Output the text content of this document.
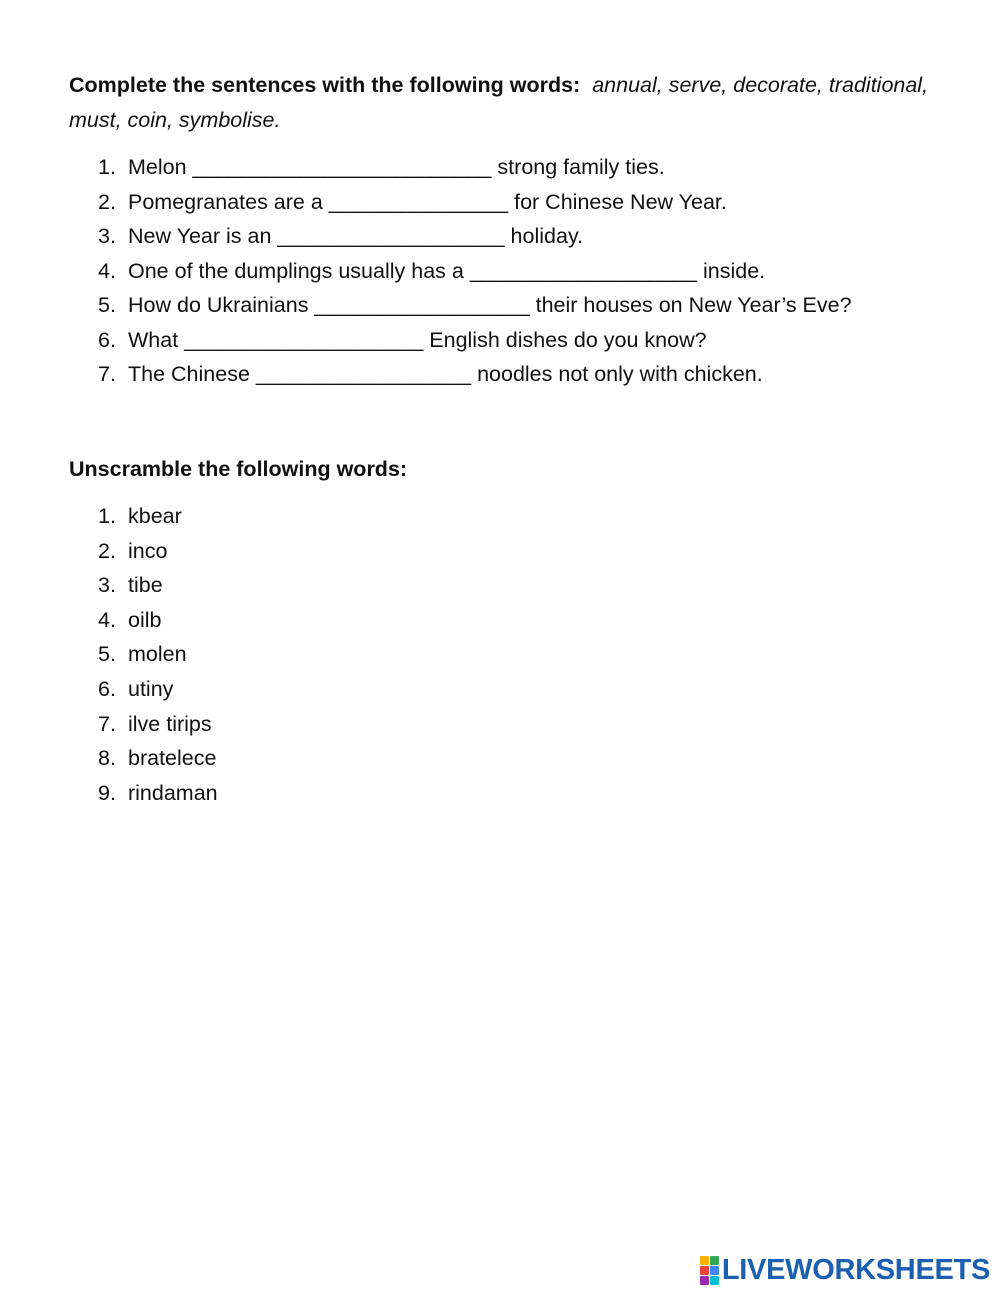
Complete the sentences with the following words: annual, serve, decorate, traditional, must, coin, symbolise.

1. Melon _________________________ strong family ties.
2. Pomegranates are a _______________ for Chinese New Year.
3. New Year is an ___________________ holiday.
4. One of the dumplings usually has a ___________________ inside.
5. How do Ukrainians __________________ their houses on New Year’s Eve?
6. What ____________________ English dishes do you know?
7. The Chinese __________________ noodles not only with chicken.

Unscramble the following words:

1. kbear
2. inco
3. tibe
4. oilb
5. molen
6. utiny
7. ilve tirips
8. bratelece
9. rindaman
LIVEWORKSHEETS
